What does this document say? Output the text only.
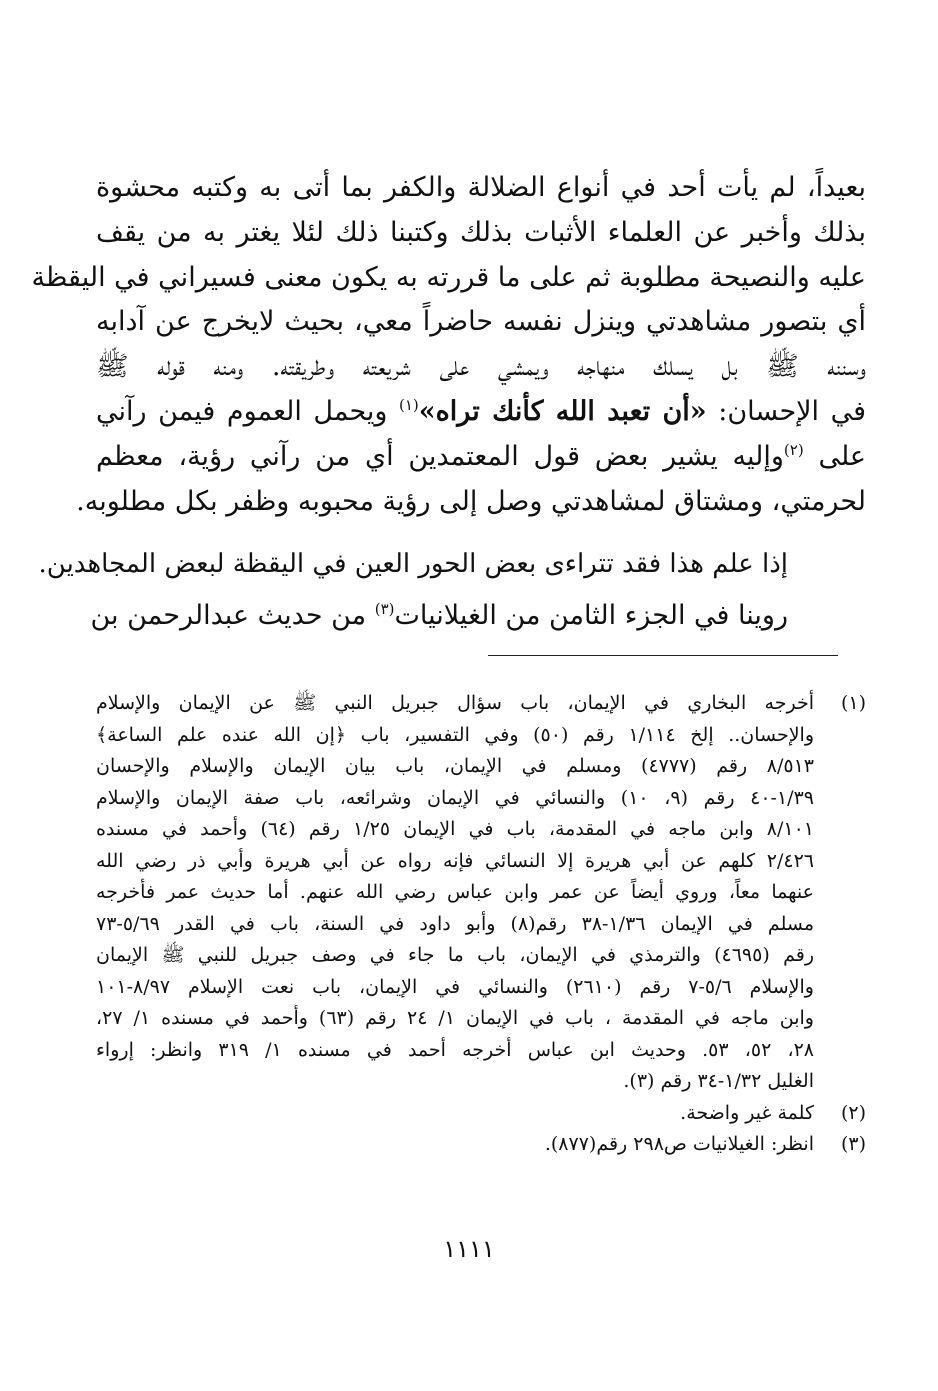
بعيداً، لم يأت أحد في أنواع الضلالة والكفر بما أتى به وكتبه محشوة
بذلك وأخبر عن العلماء الأثبات بذلك وكتبنا ذلك لئلا يغتر به من يقف
عليه والنصيحة مطلوبة ثم على ما قررته به يكون معنى فسيراني في اليقظة
أي بتصور مشاهدتي وينزل نفسه حاضراً معي، بحيث لايخرج عن آدابه
وسننه ﷺ بل يسلك منهاجه ويمشي على شريعته وطريقته. ومنه قوله ﷺ
في الإحسان: «أن تعبد الله كأنك تراه»$^{(١)}$ ويحمل العموم فيمن رآني
على $^{(٢)}$وإليه يشير بعض قول المعتمدين أي من رآني رؤية، معظم
لحرمتي، ومشتاق لمشاهدتي وصل إلى رؤية محبوبه وظفر بكل مطلوبه.
إذا علم هذا فقد تتراءى بعض الحور العين في اليقظة لبعض المجاهدين.
روينا في الجزء الثامن من الغيلانيات$^{(٣)}$ من حديث عبدالرحمن بن
(١)
أخرجه البخاري في الإيمان، باب سؤال جبريل النبي ﷺ عن الإيمان والإسلام
والإحسان.. إلخ ١/١١٤ رقم (٥٠) وفي التفسير، باب ﴿إن الله عنده علم الساعة﴾
٨/٥١٣ رقم (٤٧٧٧) ومسلم في الإيمان، باب بيان الإيمان والإسلام والإحسان
١/٣٩-٤٠ رقم (٩، ١٠) والنسائي في الإيمان وشرائعه، باب صفة الإيمان والإسلام
٨/١٠١ وابن ماجه في المقدمة، باب في الإيمان ١/٢٥ رقم (٦٤) وأحمد في مسنده
٢/٤٢٦ كلهم عن أبي هريرة إلا النسائي فإنه رواه عن أبي هريرة وأبي ذر رضي الله
عنهما معاً، وروي أيضاً عن عمر وابن عباس رضي الله عنهم. أما حديث عمر فأخرجه
مسلم في الإيمان ١/٣٦-٣٨ رقم(٨) وأبو داود في السنة، باب في القدر ٥/٦٩-٧٣
رقم (٤٦٩٥) والترمذي في الإيمان، باب ما جاء في وصف جبريل للنبي ﷺ الإيمان
والإسلام ٥/٦-٧ رقم (٢٦١٠) والنسائي في الإيمان، باب نعت الإسلام ٨/٩٧-١٠١
وابن ماجه في المقدمة ، باب في الإيمان ١/ ٢٤ رقم (٦٣) وأحمد في مسنده ١/ ٢٧،
٢٨، ٥٢، ٥٣. وحديث ابن عباس أخرجه أحمد في مسنده ١/ ٣١٩ وانظر: إرواء
الغليل ١/٣٢-٣٤ رقم (٣).
(٢)
كلمة غير واضحة.
(٣)
انظر: الغيلانيات ص٢٩٨ رقم(٨٧٧).
١١١١
